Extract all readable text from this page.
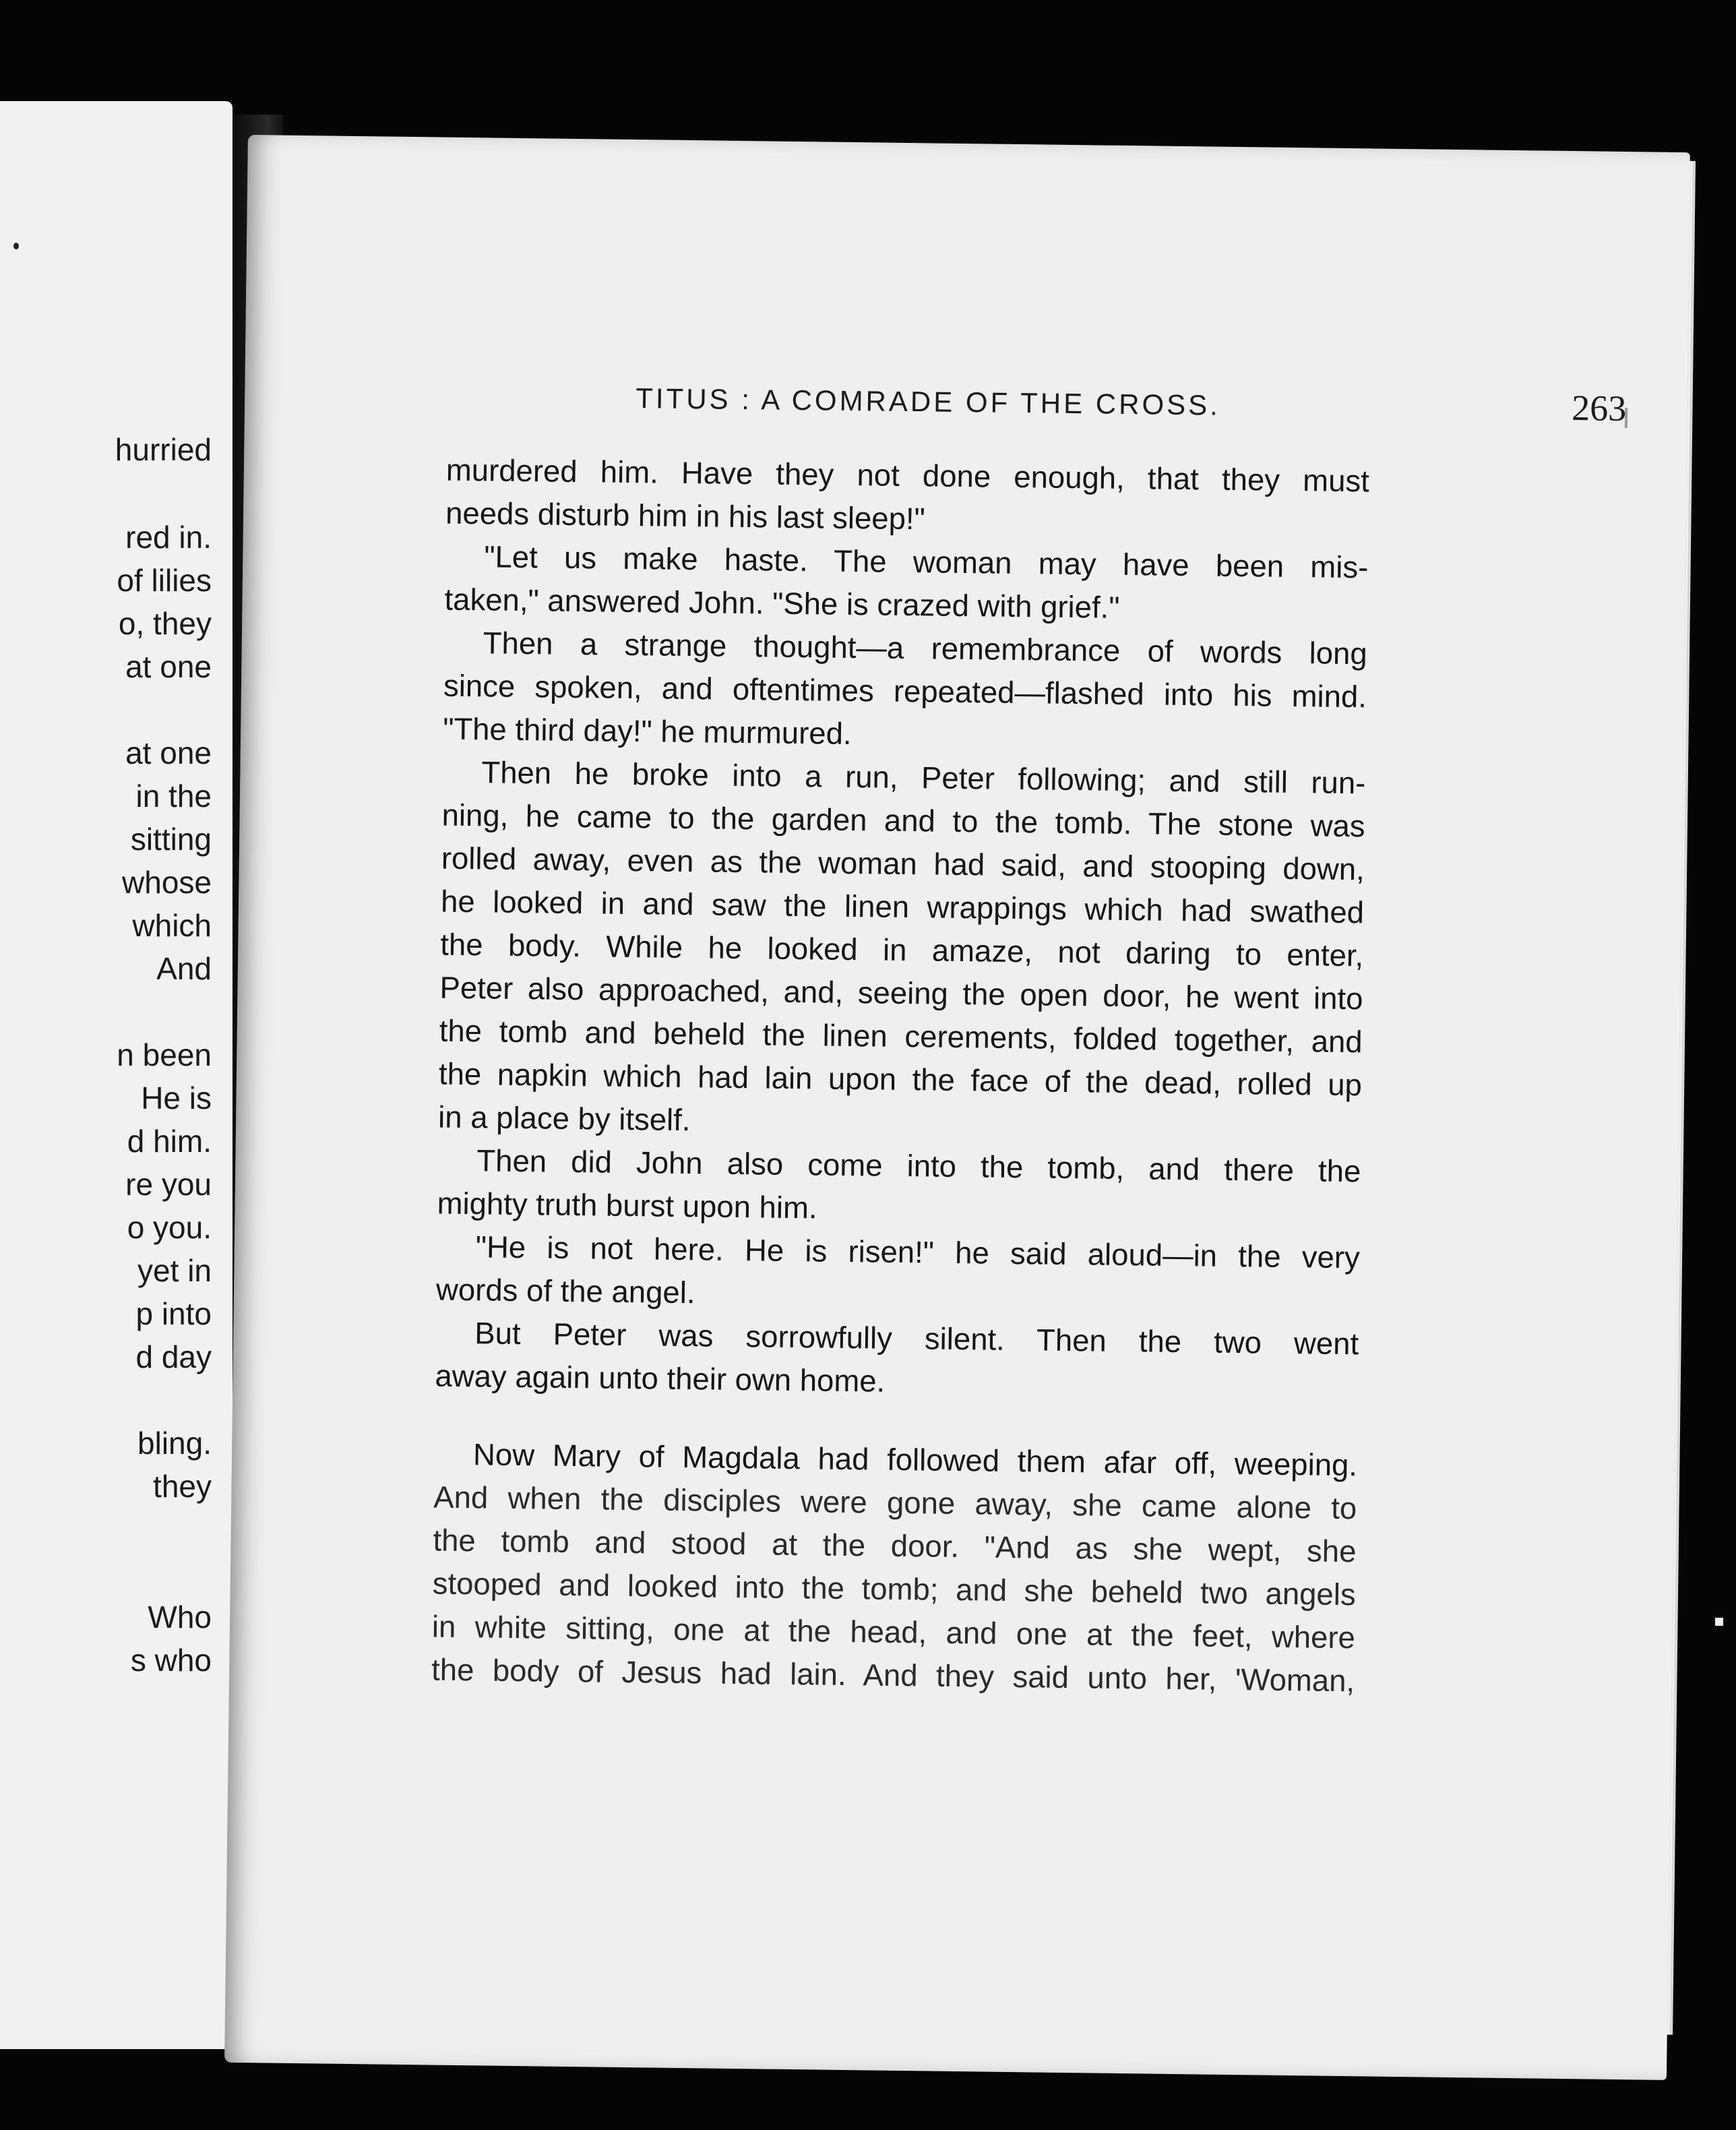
hurried
red in.
of lilies
o, they
at one
at one
in the
sitting
whose
which
And
n been
He is
d him.
re you
o you.
yet in
p into
d day
bling.
they
Who
s who
TITUS : A COMRADE OF THE CROSS.	263
murdered him. Have they not done enough, that they must
needs disturb him in his last sleep!"
"Let us make haste. The woman may have been mis-
taken," answered John. "She is crazed with grief."
Then a strange thought—a remembrance of words long
since spoken, and oftentimes repeated—flashed into his mind.
"The third day!" he murmured.
Then he broke into a run, Peter following; and still run-
ning, he came to the garden and to the tomb. The stone was
rolled away, even as the woman had said, and stooping down,
he looked in and saw the linen wrappings which had swathed
the body. While he looked in amaze, not daring to enter,
Peter also approached, and, seeing the open door, he went into
the tomb and beheld the linen cerements, folded together, and
the napkin which had lain upon the face of the dead, rolled up
in a place by itself.
Then did John also come into the tomb, and there the
mighty truth burst upon him.
"He is not here. He is risen!" he said aloud—in the very
words of the angel.
But Peter was sorrowfully silent. Then the two went
away again unto their own home.
Now Mary of Magdala had followed them afar off, weeping.
And when the disciples were gone away, she came alone to
the tomb and stood at the door. "And as she wept, she
stooped and looked into the tomb; and she beheld two angels
in white sitting, one at the head, and one at the feet, where
the body of Jesus had lain. And they said unto her, 'Woman,
